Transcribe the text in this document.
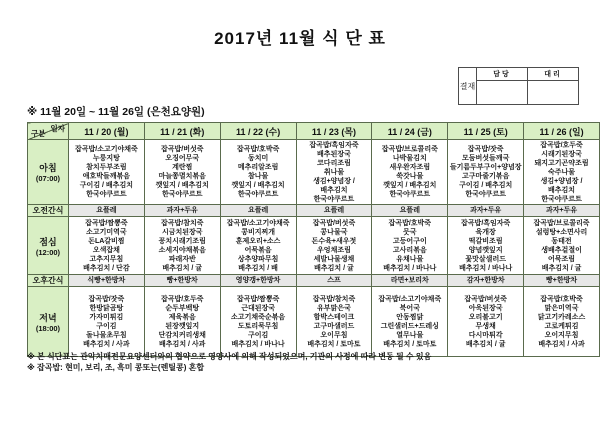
2017년 11월 식 단 표
결재	담당	대리

※ 11월 20일 ~ 11월 26일 (은천요양원)
일자
구분	11 / 20 (월)	11 / 21 (화)	11 / 22 (수)	11 / 23 (목)	11 / 24 (금)	11 / 25 (토)	11 / 26 (일)

아침
(07:00)
	잡곡밥/소고기야채죽
누룽지탕
참치두부조림
애호박들깨볶음
구이김 / 배추김치
한국야쿠르트	잡곡밥/버섯죽
오징어무국
계란찜
마늘쫑멸치볶음
깻잎지 / 배추김치
한국야쿠르트	잡곡밥/호박죽
동치미
메추리알조림
참나물
깻잎지 / 배추김치
한국야쿠르트	잡곡밥/흑임자죽
배추된장국
코다리조림
취나물
생김+양념장 /
배추김치
한국야쿠르트	잡곡밥/브로콜리죽
나박물김치
새우완자조림
쑥갓나물
깻잎지 / 배추김치
한국야쿠르트	잡곡밥/잣죽
모둠버섯들깨국
들기름두부구이+양념장
고구마줄기볶음
구이김 / 배추김치
한국야쿠르트	잡곡밥/호두죽
시래기된장국
돼지고기곤약조림
숙주나물
생김+양념장 /
배추김치
한국야쿠르트
오전간식	요플레	과자+두유	요플레	요플레	요플레	과자+두유	과자+두유

점심
(12:00)
	잡곡밥/짬뽕죽
소고기미역국
돈LA갈비찜
오색잡채
고추지무침
배추김치 / 단감	잡곡밥/참치죽
시금치된장국
꽁치시래기조림
소세지야채볶음
파래자반
배추김치 / 귤	잡곡밥/소고기야채죽
콩비지찌개
훈제오리+소스
어묵볶음
상추양파무침
배추김치 / 배	잡곡밥/버섯죽
콩나물국
돈수육+새우젓
우엉채조림
세발나물생채
배추김치 / 귤	잡곡밥/호박죽
뭇국
고등어구이
고사리볶음
유채나물
배추김치 / 바나나	잡곡밥/흑임자죽
육개장
떡갈비조림
양념깻잎지
꽃맛살샐러드
배추김치 / 바나나	잡곡밥/브로콜리죽
설렁탕+소면사리
동태전
생배추겉절이
어묵조림
배추김치 / 귤
오후간식	식빵+한방차	빵+한방차	영양갱+한방차	스프	라면+보리차	감자+한방차	빵+한방차

저녁
(18:00)
	잡곡밥/잣죽
한방닭곰탕
가자미튀김
구이김
돌나물초무침
배추김치 / 사과	잡곡밥/호두죽
순두부백탕
제육볶음
된장깻잎지
단감치커리생채
배추김치 / 사과	잡곡밥/짬뽕죽
근대된장국
소고기채죽순볶음
도토리묵무침
구이김
배추김치 / 바나나	잡곡밥/참치죽
유부맑은국
함박스테이크
고구마샐러드
오이무침
배추김치 / 토마토	잡곡밥/소고기야채죽
북어국
안동찜닭
그린샐러드+드레싱
열무나물
배추김치 / 토마토	잡곡밥/버섯죽
아욱된장국
오리불고기
무생채
다시마튀각
배추김치 / 귤	잡곡밥/호박죽
맑은미역국
닭고기카레소스
고로케튀김
오이지무침
배추김치 / 사과
※ 본 식단표는 관악치매전문요양센터와의 협약으로 영양사에 의해 작성되었으며, 기관의 사정에 따라 변동 될 수 있음
※ 잡곡밥: 현미, 보리, 조, 흑미 콩또는(렌틸콩) 혼합
